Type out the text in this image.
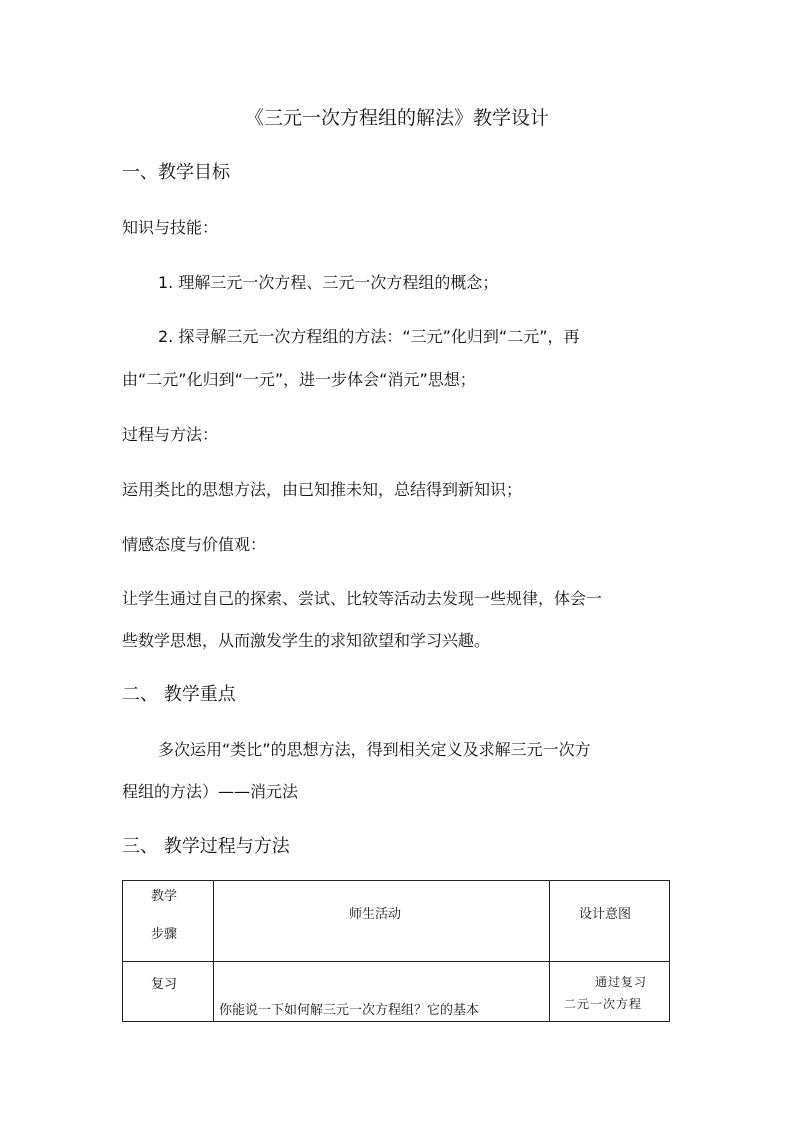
《三元一次方程组的解法》教学设计
一、教学目标
知识与技能：
1. 理解三元一次方程、三元一次方程组的概念；
2. 探寻解三元一次方程组的方法：“三元”化归到“二元”，再
由“二元”化归到“一元”，进一步体会“消元”思想；
过程与方法：
运用类比的思想方法，由已知推未知，总结得到新知识；
情感态度与价值观：
让学生通过自己的探索、尝试、比较等活动去发现一些规律，体会一
些数学思想，从而激发学生的求知欲望和学习兴趣。
二、 教学重点
多次运用“类比”的思想方法，得到相关定义及求解三元一次方
程组的方法）——消元法
三、 教学过程与方法
教学
步骤
师生活动	设计意图
复习
你能说一下如何解三元一次方程组？它的基本
通过复习
二元一次方程
